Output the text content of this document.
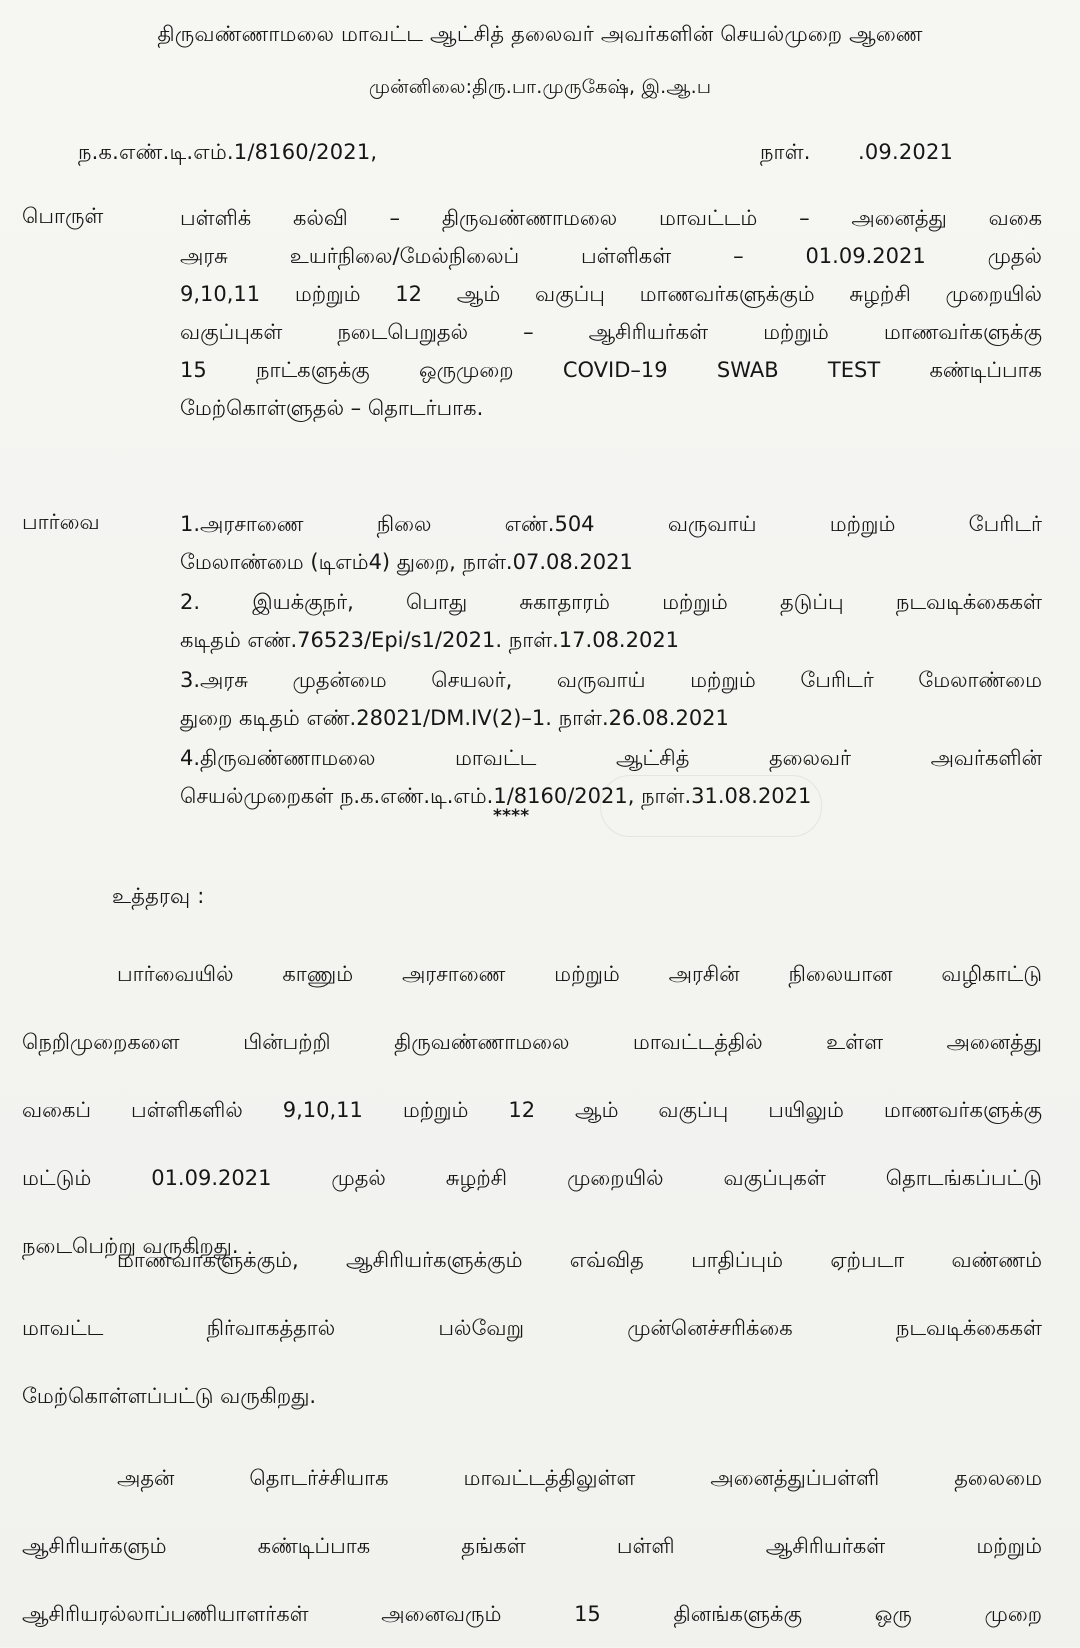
திருவண்ணாமலை மாவட்ட ஆட்சித் தலைவர் அவர்களின் செயல்முறை ஆணை
முன்னிலை:திரு.பா.முருகேஷ், இ.ஆ.ப
ந.க.எண்.டி.எம்.1/8160/2021,	நாள். .09.2021
பொருள்	பள்ளிக் கல்வி – திருவண்ணாமலை மாவட்டம் – அனைத்து வகை
அரசு உயர்நிலை/மேல்நிலைப் பள்ளிகள் – 01.09.2021 முதல்
9,10,11 மற்றும் 12 ஆம் வகுப்பு மாணவர்களுக்கும் சுழற்சி முறையில்
வகுப்புகள் நடைபெறுதல் – ஆசிரியர்கள் மற்றும் மாணவர்களுக்கு
15 நாட்களுக்கு ஒருமுறை COVID–19 SWAB TEST கண்டிப்பாக
மேற்கொள்ளுதல் – தொடர்பாக.
பார்வை	1.அரசாணை நிலை எண்.504 வருவாய் மற்றும் பேரிடர்
மேலாண்மை (டிஎம்4) துறை, நாள்.07.08.2021
2. இயக்குநர், பொது சுகாதாரம் மற்றும் தடுப்பு நடவடிக்கைகள்
கடிதம் எண்.76523/Epi/s1/2021. நாள்.17.08.2021
3.அரசு முதன்மை செயலர், வருவாய் மற்றும் பேரிடர் மேலாண்மை
துறை கடிதம் எண்.28021/DM.IV(2)–1. நாள்.26.08.2021
4.திருவண்ணாமலை மாவட்ட ஆட்சித் தலைவர் அவர்களின்
செயல்முறைகள் ந.க.எண்.டி.எம்.1/8160/2021, நாள்.31.08.2021
****
உத்தரவு :
பார்வையில் காணும் அரசாணை மற்றும் அரசின் நிலையான வழிகாட்டு
நெறிமுறைகளை பின்பற்றி திருவண்ணாமலை மாவட்டத்தில் உள்ள அனைத்து
வகைப் பள்ளிகளில் 9,10,11 மற்றும் 12 ஆம் வகுப்பு பயிலும் மாணவர்களுக்கு
மட்டும் 01.09.2021 முதல் சுழற்சி முறையில் வகுப்புகள் தொடங்கப்பட்டு
நடைபெற்று வருகிறது.
மாணவர்களுக்கும், ஆசிரியர்களுக்கும் எவ்வித பாதிப்பும் ஏற்படா வண்ணம்
மாவட்ட நிர்வாகத்தால் பல்வேறு முன்னெச்சரிக்கை நடவடிக்கைகள்
மேற்கொள்ளப்பட்டு வருகிறது.
அதன் தொடர்ச்சியாக மாவட்டத்திலுள்ள அனைத்துப்பள்ளி தலைமை
ஆசிரியர்களும் கண்டிப்பாக தங்கள் பள்ளி ஆசிரியர்கள் மற்றும்
ஆசிரியரல்லாப்பணியாளர்கள் அனைவரும் 15 தினங்களுக்கு ஒரு முறை
